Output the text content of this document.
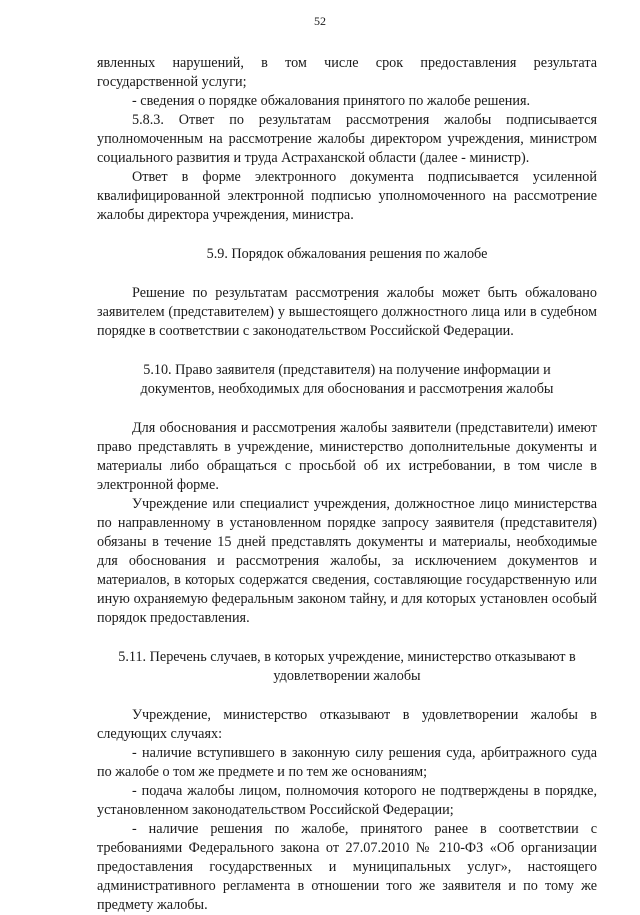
52

явленных нарушений, в том числе срок предоставления результата государственной услуги;

- сведения о порядке обжалования принятого по жалобе решения.

5.8.3. Ответ по результатам рассмотрения жалобы подписывается уполномоченным на рассмотрение жалобы директором учреждения, министром социального развития и труда Астраханской области (далее - министр).

Ответ в форме электронного документа подписывается усиленной квалифицированной электронной подписью уполномоченного на рассмотрение жалобы директора учреждения, министра.

5.9. Порядок обжалования решения по жалобе

Решение по результатам рассмотрения жалобы может быть обжаловано заявителем (представителем) у вышестоящего должностного лица или в судебном порядке в соответствии с законодательством Российской Федерации.

5.10. Право заявителя (представителя) на получение информации и документов, необходимых для обоснования и рассмотрения жалобы

Для обоснования и рассмотрения жалобы заявители (представители) имеют право представлять в учреждение, министерство дополнительные документы и материалы либо обращаться с просьбой об их истребовании, в том числе в электронной форме.

Учреждение или специалист учреждения, должностное лицо министерства по направленному в установленном порядке запросу заявителя (представителя) обязаны в течение 15 дней представлять документы и материалы, необходимые для обоснования и рассмотрения жалобы, за исключением документов и материалов, в которых содержатся сведения, составляющие государственную или иную охраняемую федеральным законом тайну, и для которых установлен особый порядок предоставления.

5.11. Перечень случаев, в которых учреждение, министерство отказывают в удовлетворении жалобы

Учреждение, министерство отказывают в удовлетворении жалобы в следующих случаях:

- наличие вступившего в законную силу решения суда, арбитражного суда по жалобе о том же предмете и по тем же основаниям;

- подача жалобы лицом, полномочия которого не подтверждены в порядке, установленном законодательством Российской Федерации;

- наличие решения по жалобе, принятого ранее в соответствии с требованиями Федерального закона от 27.07.2010 № 210-ФЗ «Об организации предоставления государственных и муниципальных услуг», настоящего административного регламента в отношении того же заявителя и по тому же предмету жалобы.
